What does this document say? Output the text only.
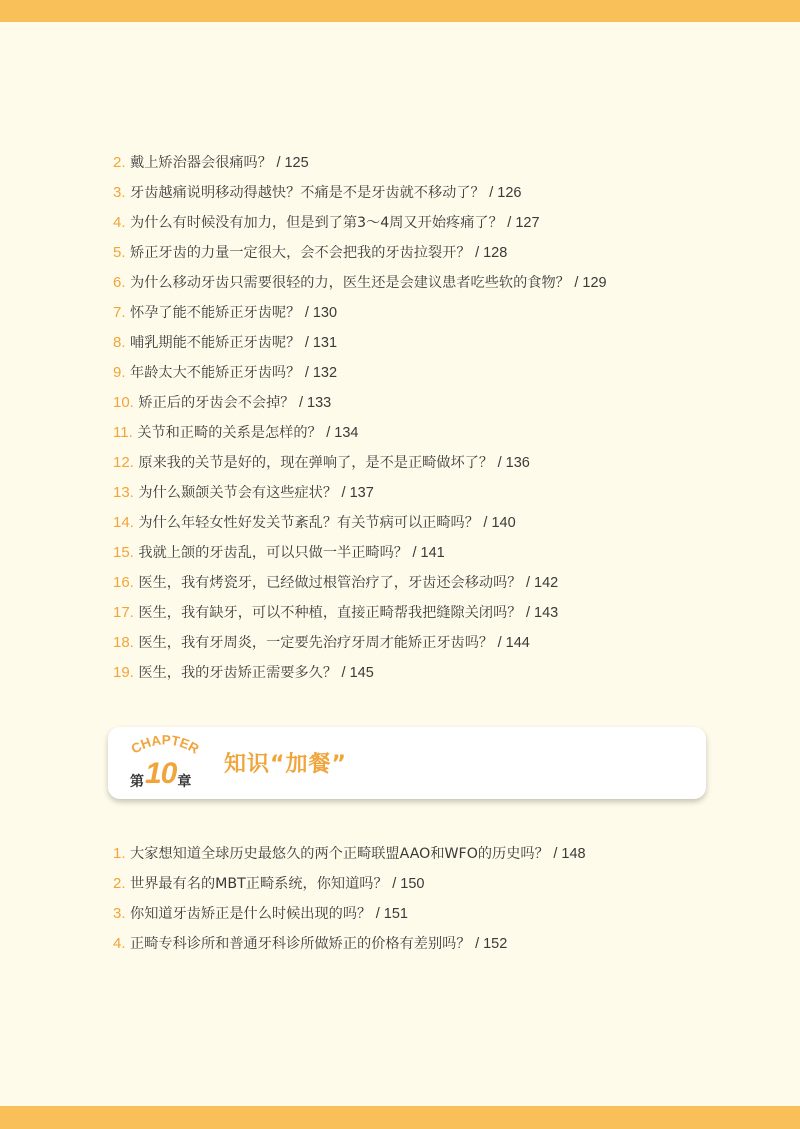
2. 戴上矫治器会很痛吗？ / 125
3. 牙齿越痛说明移动得越快？不痛是不是牙齿就不移动了？ / 126
4. 为什么有时候没有加力，但是到了第3～4周又开始疼痛了？ / 127
5. 矫正牙齿的力量一定很大，会不会把我的牙齿拉裂开？ / 128
6. 为什么移动牙齿只需要很轻的力，医生还是会建议患者吃些软的食物？ / 129
7. 怀孕了能不能矫正牙齿呢？ / 130
8. 哺乳期能不能矫正牙齿呢？ / 131
9. 年龄太大不能矫正牙齿吗？ / 132
10. 矫正后的牙齿会不会掉？ / 133
11. 关节和正畸的关系是怎样的？ / 134
12. 原来我的关节是好的，现在弹响了，是不是正畸做坏了？ / 136
13. 为什么颞颌关节会有这些症状？ / 137
14. 为什么年轻女性好发关节紊乱？有关节病可以正畸吗？ / 140
15. 我就上颌的牙齿乱，可以只做一半正畸吗？ / 141
16. 医生，我有烤瓷牙，已经做过根管治疗了，牙齿还会移动吗？ / 142
17. 医生，我有缺牙，可以不种植，直接正畸帮我把缝隙关闭吗？ / 143
18. 医生，我有牙周炎，一定要先治疗牙周才能矫正牙齿吗？ / 144
19. 医生，我的牙齿矫正需要多久？ / 145
CHAPTER
第10章
知识“加餐”
1. 大家想知道全球历史最悠久的两个正畸联盟AAO和WFO的历史吗？ / 148
2. 世界最有名的MBT正畸系统，你知道吗？ / 150
3. 你知道牙齿矫正是什么时候出现的吗？ / 151
4. 正畸专科诊所和普通牙科诊所做矫正的价格有差别吗？ / 152
